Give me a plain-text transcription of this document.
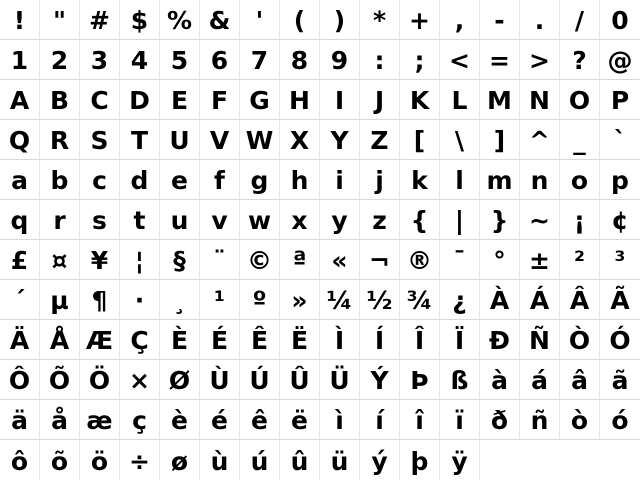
!	" # $ % &	'	(	)	* + ,	-	.	/	0
1 2 3 4 5 6 7 8 9	:	; < = > ? @
A B C D E F G H I	J	K L M N O P
Q R S T U V W X Y Z	[	\	] ^ _	`
a b c d e	f	g h	i	j	k	l m n o p
q r	s	t	u v w x y z {	|	} ~ ¡	¢
£ ¤ ¥	¦	§	¨ © ª « ¬ ® ¯	° ± ²	³
´ µ ¶	·	¸	¹	º » ¼ ½ ¾ ¿ À Á Â Ã
Ä Å Æ Ç È É Ê Ë	Ì	Í	Î	Ï Ð Ñ Ò Ó
Ô Õ Ö × Ø Ù Ú Û Ü Ý Þ ß à á â ã
ä å æ ç è é ê ë	ì	í	î	ï	ð ñ ò ó
ô õ ö ÷ ø ù ú û ü ý þ ÿ
